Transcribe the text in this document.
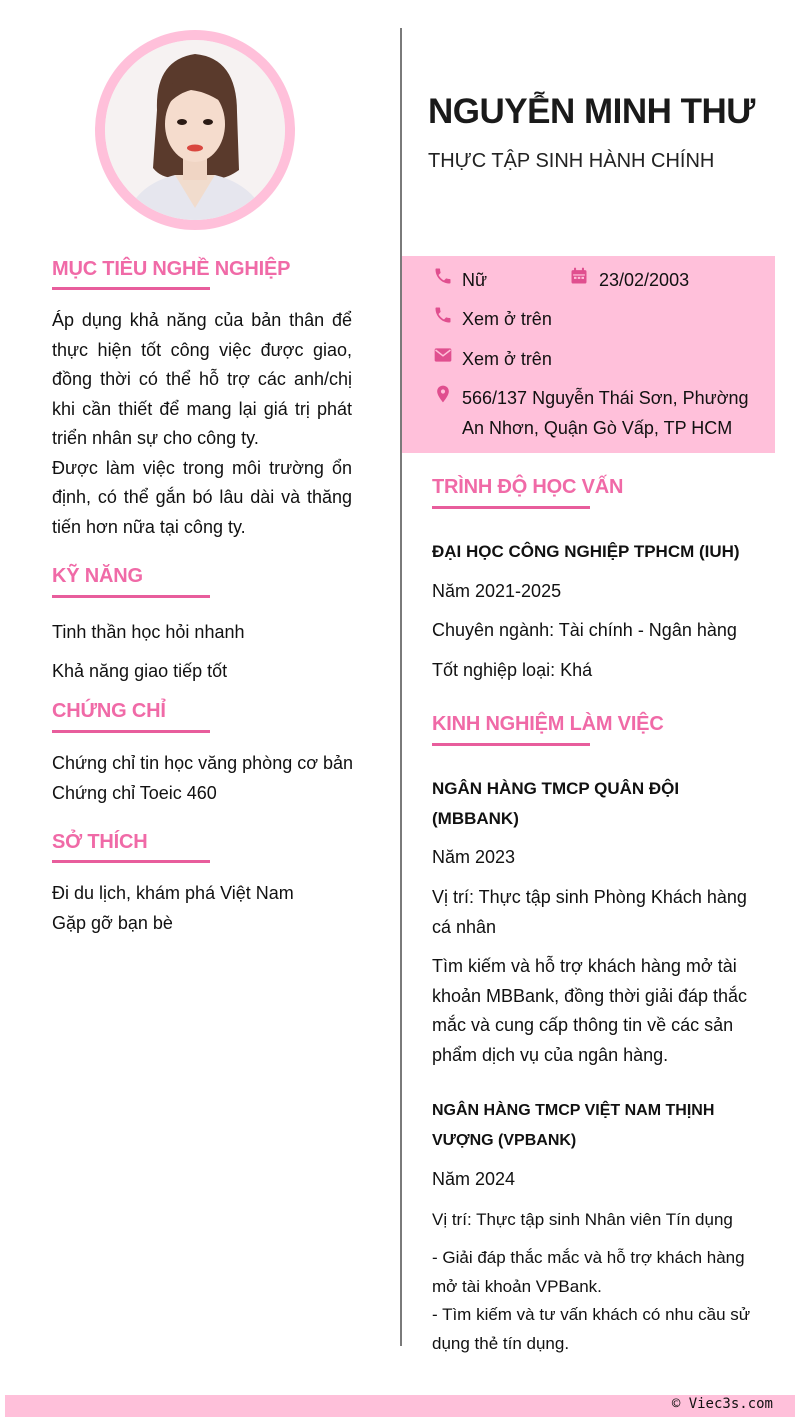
MỤC TIÊU NGHỀ NGHIỆP
Áp dụng khả năng của bản thân để
thực hiện tốt công việc được giao,
đồng thời có thể hỗ trợ các anh/chị
khi cần thiết để mang lại giá trị phát
triển nhân sự cho công ty.
Được làm việc trong môi trường ổn
định, có thể gắn bó lâu dài và thăng
tiến hơn nữa tại công ty.
KỸ NĂNG
Tinh thần học hỏi nhanh
Khả năng giao tiếp tốt
CHỨNG CHỈ
Chứng chỉ tin học văng phòng cơ bản
Chứng chỉ Toeic 460
SỞ THÍCH
Đi du lịch, khám phá Việt Nam
Gặp gỡ bạn bè
NGUYỄN MINH THƯ
THỰC TẬP SINH HÀNH CHÍNH
Nữ	23/02/2003
Xem ở trên
Xem ở trên
566/137 Nguyễn Thái Sơn, Phường
An Nhơn, Quận Gò Vấp, TP HCM
TRÌNH ĐỘ HỌC VẤN
ĐẠI HỌC CÔNG NGHIỆP TPHCM (IUH)
Năm 2021-2025
Chuyên ngành: Tài chính - Ngân hàng
Tốt nghiệp loại: Khá
KINH NGHIỆM LÀM VIỆC
NGÂN HÀNG TMCP QUÂN ĐỘI
(MBBANK)
Năm 2023
Vị trí: Thực tập sinh Phòng Khách hàng
cá nhân
Tìm kiếm và hỗ trợ khách hàng mở tài
khoản MBBank, đồng thời giải đáp thắc
mắc và cung cấp thông tin về các sản
phẩm dịch vụ của ngân hàng.
NGÂN HÀNG TMCP VIỆT NAM THỊNH
VƯỢNG (VPBANK)
Năm 2024
Vị trí: Thực tập sinh Nhân viên Tín dụng
- Giải đáp thắc mắc và hỗ trợ khách hàng
mở tài khoản VPBank.
- Tìm kiếm và tư vấn khách có nhu cầu sử
dụng thẻ tín dụng.
© Viec3s.com
